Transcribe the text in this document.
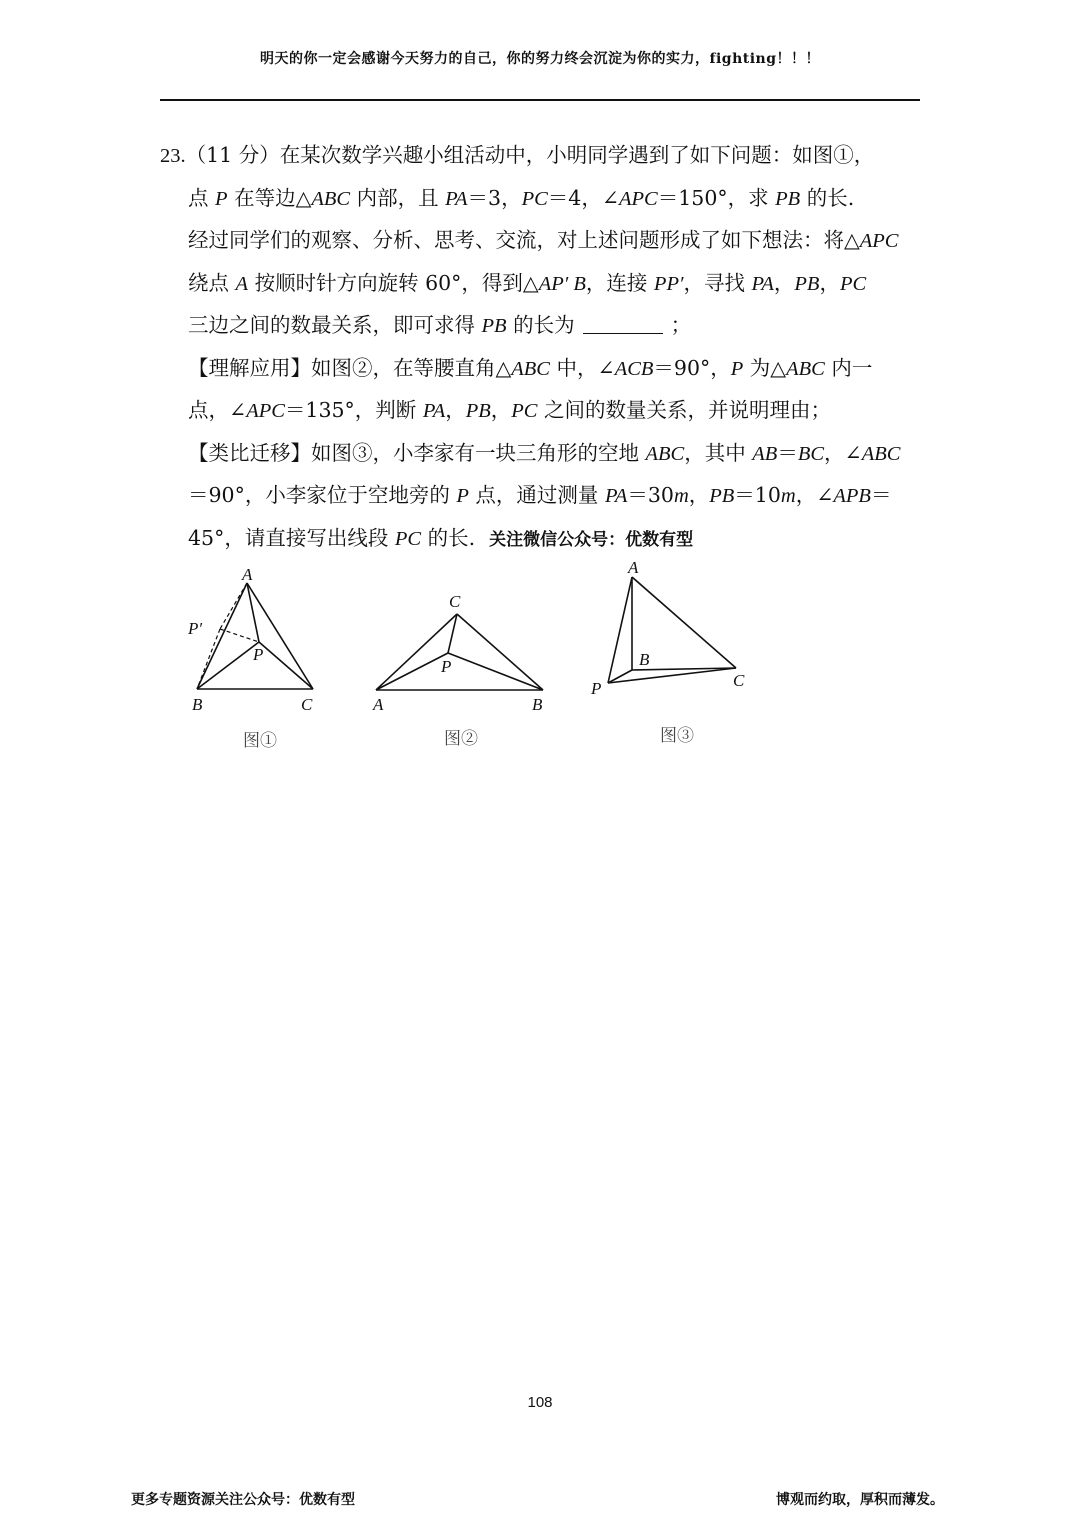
明天的你一定会感谢今天努力的自己，你的努力终会沉淀为你的实力，fighting！！！
23.（11 分）在某次数学兴趣小组活动中，小明同学遇到了如下问题：如图①，
点 P 在等边△ABC 内部，且 PA＝3，PC＝4，∠APC＝150°，求 PB 的长.
经过同学们的观察、分析、思考、交流，对上述问题形成了如下想法：将△APC
绕点 A 按顺时针方向旋转 60°，得到△AP′ B，连接 PP′，寻找 PA，PB，PC
三边之间的数最关系，即可求得 PB 的长为	；
【理解应用】如图②，在等腰直角△ABC 中，∠ACB＝90°，P 为△ABC 内一
点，∠APC＝135°，判断 PA，PB，PC 之间的数量关系，并说明理由；
【类比迁移】如图③，小李家有一块三角形的空地 ABC，其中 AB＝BC，∠ABC
＝90°，小李家位于空地旁的 P 点，通过测量 PA＝30m，PB＝10m，∠APB＝
45°，请直接写出线段 PC 的长. 关注微信公众号：优数有型
A
P′
P
B	C
图①
C
P
A	B
图②
A
B
C
P
图③
108
更多专题资源关注公众号：优数有型	博观而约取，厚积而薄发。
